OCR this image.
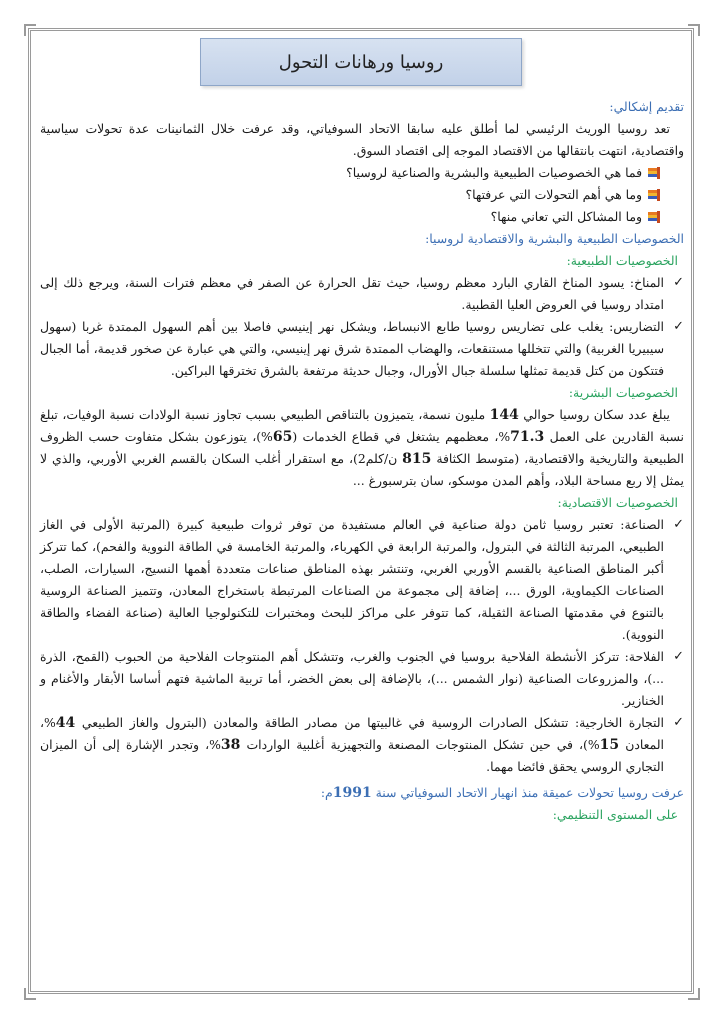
روسيا ورهانات التحول
تقديم إشكالي:

تعد روسيا الوريث الرئيسي لما أطلق عليه سابقا الاتحاد السوفياتي، وقد عرفت خلال الثمانينات عدة تحولات سياسية واقتصادية، انتهت بانتقالها من الاقتصاد الموجه إلى اقتصاد السوق.

فما هي الخصوصيات الطبيعية والبشرية والصناعية لروسيا؟
وما هي أهم التحولات التي عرفتها؟
وما المشاكل التي تعاني منها؟
الخصوصيات الطبيعية والبشرية والاقتصادية لروسيا:
الخصوصيات الطبيعية:
✓
المناخ: يسود المناخ القاري البارد معظم روسيا، حيث تقل الحرارة عن الصفر في معظم فترات السنة، ويرجع ذلك إلى امتداد روسيا في العروض العليا القطبية.
✓
التضاريس: يغلب على تضاريس روسيا طابع الانبساط، ويشكل نهر إينيسي فاصلا بين أهم السهول الممتدة غربا (سهول سيبيريا الغربية) والتي تتخللها مستنقعات، والهضاب الممتدة شرق نهر إينيسي، والتي هي عبارة عن صخور قديمة، أما الجبال فتتكون من كتل قديمة تمثلها سلسلة جبال الأورال، وجبال حديثة مرتفعة بالشرق تخترقها البراكين.
الخصوصيات البشرية:

يبلغ عدد سكان روسيا حوالي 144 مليون نسمة، يتميزون بالتناقص الطبيعي بسبب تجاوز نسبة الولادات نسبة الوفيات، تبلغ نسبة القادرين على العمل 71.3%، معظمهم يشتغل في قطاع الخدمات (65%)، يتوزعون بشكل متفاوت حسب الظروف الطبيعية والتاريخية والاقتصادية، (متوسط الكثافة 815 ن/كلم2)، مع استقرار أغلب السكان بالقسم الغربي الأوربي، والذي لا يمثل إلا ربع مساحة البلاد، وأهم المدن موسكو، سان بترسبورغ ...

الخصوصيات الاقتصادية:
✓
الصناعة: تعتبر روسيا ثامن دولة صناعية في العالم مستفيدة من توفر ثروات طبيعية كبيرة (المرتبة الأولى في الغاز الطبيعي، المرتبة الثالثة في البترول، والمرتبة الرابعة في الكهرباء، والمرتبة الخامسة في الطاقة النووية والفحم)، كما تتركز أكبر المناطق الصناعية بالقسم الأوربي الغربي، وتنتشر بهذه المناطق صناعات متعددة أهمها النسيج، السيارات، الصلب، الصناعات الكيماوية، الورق ...، إضافة إلى مجموعة من الصناعات المرتبطة باستخراج المعادن، وتتميز الصناعة الروسية بالتنوع في مقدمتها الصناعة الثقيلة، كما تتوفر على مراكز للبحث ومختبرات للتكنولوجيا العالية (صناعة الفضاء والطاقة النووية).
✓
الفلاحة: تتركز الأنشطة الفلاحية بروسيا في الجنوب والغرب، وتتشكل أهم المنتوجات الفلاحية من الحبوب (القمح، الذرة ...)، والمزروعات الصناعية (نوار الشمس ...)، بالإضافة إلى بعض الخضر، أما تربية الماشية فتهم أساسا الأبقار والأغنام و الخنازير.
✓
التجارة الخارجية: تتشكل الصادرات الروسية في غالبيتها من مصادر الطاقة والمعادن (البترول والغاز الطبيعي 44%، المعادن 15%)، في حين تشكل المنتوجات المصنعة والتجهيزية أغلبية الواردات 38%، وتجدر الإشارة إلى أن الميزان التجاري الروسي يحقق فائضا مهما.
عرفت روسيا تحولات عميقة منذ انهيار الاتحاد السوفياتي سنة 1991م:
على المستوى التنظيمي:
